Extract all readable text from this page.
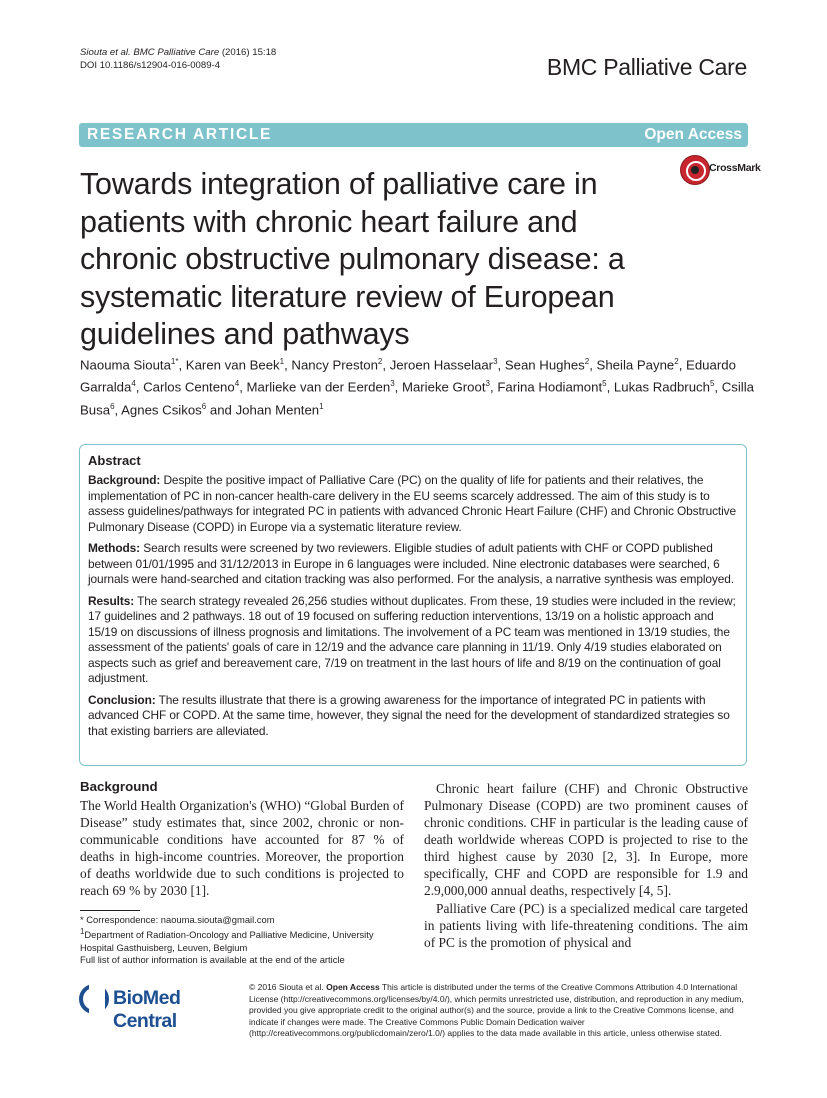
Siouta et al. BMC Palliative Care (2016) 15:18
DOI 10.1186/s12904-016-0089-4	BMC Palliative Care
RESEARCH ARTICLE	Open Access
CrossMark
Towards integration of palliative care in patients with chronic heart failure and chronic obstructive pulmonary disease: a systematic literature review of European guidelines and pathways
Naouma Siouta$^{1*}$, Karen van Beek$^1$, Nancy Preston$^2$, Jeroen Hasselaar$^3$, Sean Hughes$^2$, Sheila Payne$^2$, Eduardo Garralda$^4$, Carlos Centeno$^4$, Marlieke van der Eerden$^3$, Marieke Groot$^3$, Farina Hodiamont$^5$, Lukas Radbruch$^5$, Csilla Busa$^6$, Agnes Csikos$^6$ and Johan Menten$^1$
Abstract

Background: Despite the positive impact of Palliative Care (PC) on the quality of life for patients and their relatives, the implementation of PC in non-cancer health-care delivery in the EU seems scarcely addressed. The aim of this study is to assess guidelines/pathways for integrated PC in patients with advanced Chronic Heart Failure (CHF) and Chronic Obstructive Pulmonary Disease (COPD) in Europe via a systematic literature review.

Methods: Search results were screened by two reviewers. Eligible studies of adult patients with CHF or COPD published between 01/01/1995 and 31/12/2013 in Europe in 6 languages were included. Nine electronic databases were searched, 6 journals were hand-searched and citation tracking was also performed. For the analysis, a narrative synthesis was employed.

Results: The search strategy revealed 26,256 studies without duplicates. From these, 19 studies were included in the review; 17 guidelines and 2 pathways. 18 out of 19 focused on suffering reduction interventions, 13/19 on a holistic approach and 15/19 on discussions of illness prognosis and limitations. The involvement of a PC team was mentioned in 13/19 studies, the assessment of the patients' goals of care in 12/19 and the advance care planning in 11/19. Only 4/19 studies elaborated on aspects such as grief and bereavement care, 7/19 on treatment in the last hours of life and 8/19 on the continuation of goal adjustment.

Conclusion: The results illustrate that there is a growing awareness for the importance of integrated PC in patients with advanced CHF or COPD. At the same time, however, they signal the need for the development of standardized strategies so that existing barriers are alleviated.

Background

The World Health Organization's (WHO) “Global Burden of Disease” study estimates that, since 2002, chronic or non-communicable conditions have accounted for 87 % of deaths in high-income countries. Moreover, the proportion of deaths worldwide due to such conditions is projected to reach 69 % by 2030 [1].

Chronic heart failure (CHF) and Chronic Obstructive Pulmonary Disease (COPD) are two prominent causes of chronic conditions. CHF in particular is the leading cause of death worldwide whereas COPD is projected to rise to the third highest cause by 2030 [2, 3]. In Europe, more specifically, CHF and COPD are responsible for 1.9 and 2.9,000,000 annual deaths, respectively [4, 5].

Palliative Care (PC) is a specialized medical care targeted in patients living with life-threatening conditions. The aim of PC is the promotion of physical and

* Correspondence: naouma.siouta@gmail.com

$^1$Department of Radiation-Oncology and Palliative Medicine, University Hospital Gasthuisberg, Leuven, Belgium

Full list of author information is available at the end of the article

BioMed Central
© 2016 Siouta et al. Open Access This article is distributed under the terms of the Creative Commons Attribution 4.0 International License (http://creativecommons.org/licenses/by/4.0/), which permits unrestricted use, distribution, and reproduction in any medium, provided you give appropriate credit to the original author(s) and the source, provide a link to the Creative Commons license, and indicate if changes were made. The Creative Commons Public Domain Dedication waiver (http://creativecommons.org/publicdomain/zero/1.0/) applies to the data made available in this article, unless otherwise stated.
